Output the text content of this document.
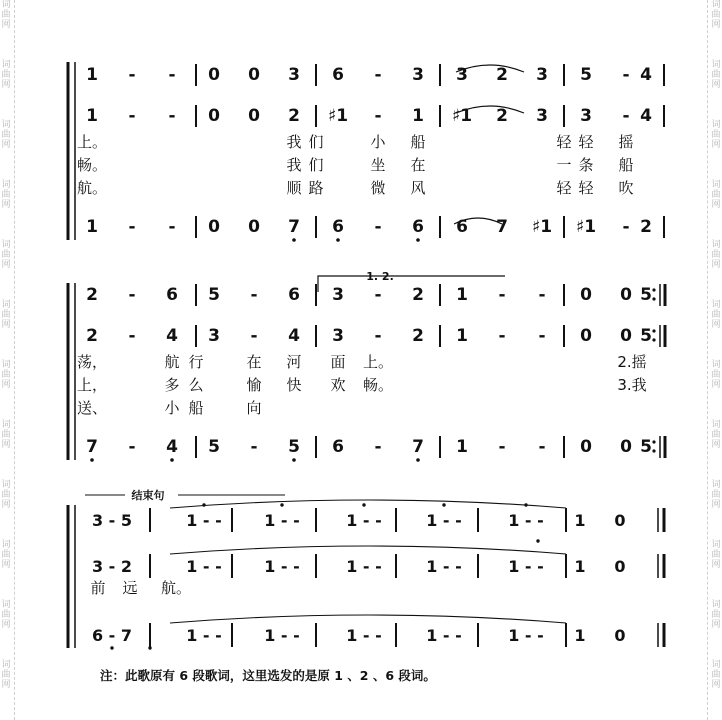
词
曲
网
词
曲
网
词
曲
网
词
曲
网
词
曲
网
词
曲
网
词
曲
网
词
曲
网
词
曲
网
词
曲
网
词
曲
网
词
曲
网
词
曲
网
词
曲
网
词
曲
网
词
曲
网
词
曲
网
词
曲
网
词
曲
网
词
曲
网
词
曲
网
词
曲
网
词
曲
网
词
曲
网
1 - - 0 0 3 6 - 3 3 2 3 5 - 4
1 - - 0 0 2 ♯1 - 1 ♯1 2 3 3 - 4
上。	我 们	小 船	轻 轻 摇
畅。	我 们	坐 在	一 条 船
航。	顺 路	微 风	轻 轻 吹
1 - - 0 0 7 6 - 6 6 7 ♯1 ♯1 - 2
2 - 6 5 - 6 3 - 2 1 - - 0 0 5
2 - 4 3 - 4 3 - 2 1 - - 0 0 5
荡，	航 行	在 河 面 上。	2.摇
上，	多 么	愉 快 欢 畅。	3.我
送、	小 船	向
7 - 4 5 - 5 6 - 7 1 - - 0 0 5
1. 2.
结束句
3 - 5	1 - -	1 - -	1 - -	1 - -	1 - - 1 0
3 - 2	1 - -	1 - -	1 - -	1 - -	1 - - 1 0
前 远 航。
6 - 7	1 - -	1 - -	1 - -	1 - -	1 - - 1 0
注：此歌原有 6 段歌词，这里选发的是原 1 、2 、6 段词。
